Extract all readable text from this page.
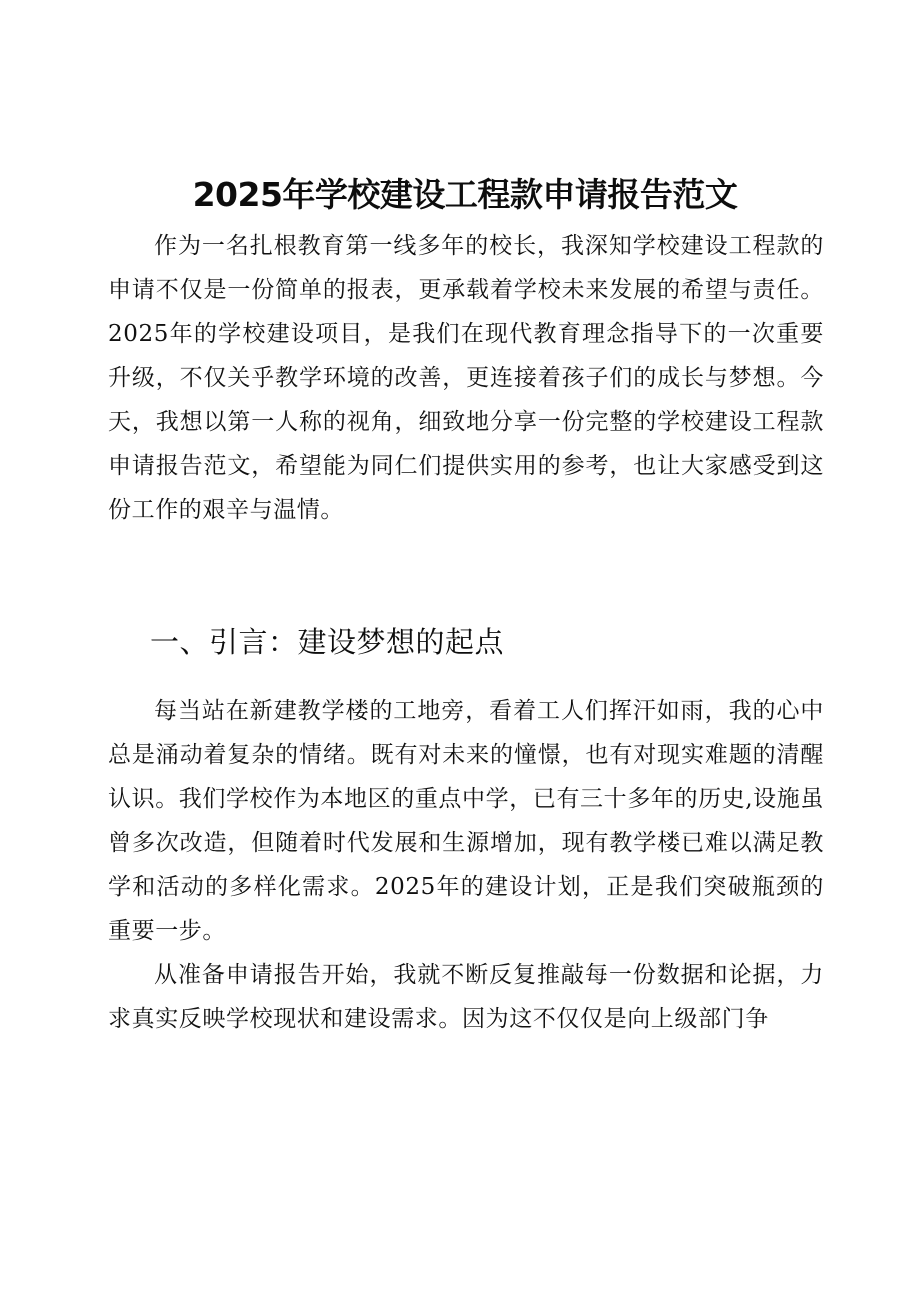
2025年学校建设工程款申请报告范文

作为一名扎根教育第一线多年的校长，我深知学校建设工程款的申请不仅是一份简单的报表，更承载着学校未来发展的希望与责任。2025年的学校建设项目，是我们在现代教育理念指导下的一次重要升级，不仅关乎教学环境的改善，更连接着孩子们的成长与梦想。今天，我想以第一人称的视角，细致地分享一份完整的学校建设工程款申请报告范文，希望能为同仁们提供实用的参考，也让大家感受到这份工作的艰辛与温情。

一、引言：建设梦想的起点

每当站在新建教学楼的工地旁，看着工人们挥汗如雨，我的心中总是涌动着复杂的情绪。既有对未来的憧憬，也有对现实难题的清醒认识。我们学校作为本地区的重点中学，已有三十多年的历史,设施虽曾多次改造，但随着时代发展和生源增加，现有教学楼已难以满足教学和活动的多样化需求。2025年的建设计划，正是我们突破瓶颈的重要一步。

从准备申请报告开始，我就不断反复推敲每一份数据和论据，力求真实反映学校现状和建设需求。因为这不仅仅是向上级部门争
